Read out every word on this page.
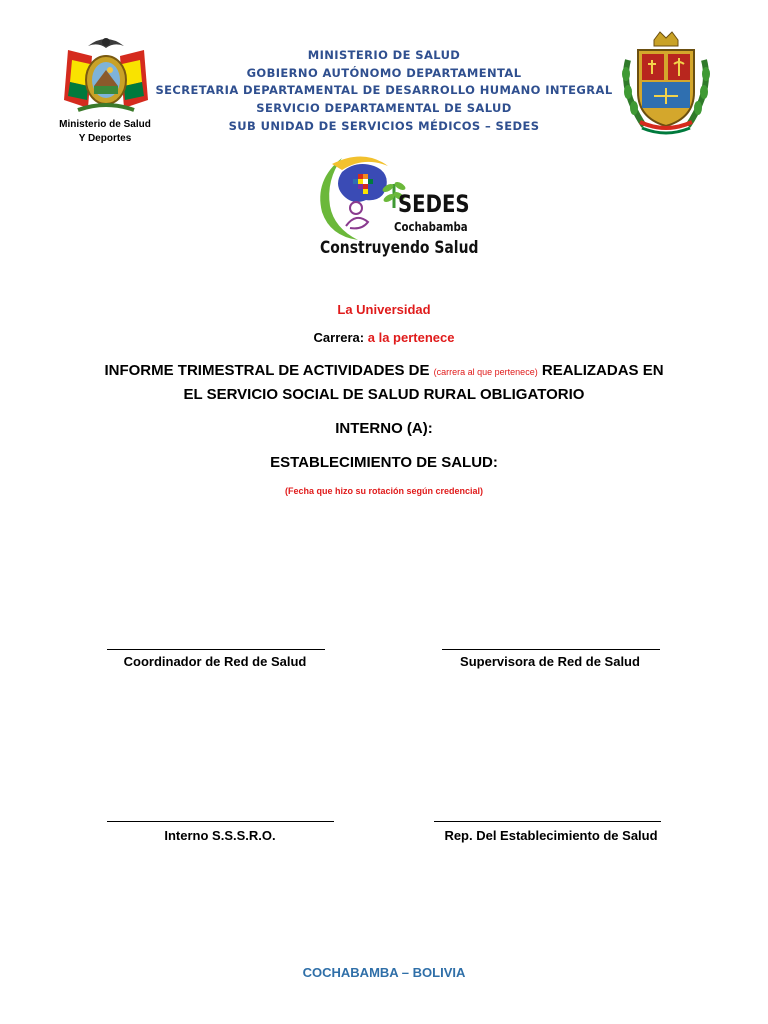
Ministerio de Salud
Y Deportes
MINISTERIO DE SALUD
GOBIERNO AUTÓNOMO DEPARTAMENTAL
SECRETARIA DEPARTAMENTAL DE DESARROLLO HUMANO INTEGRAL
SERVICIO DEPARTAMENTAL DE SALUD
SUB UNIDAD DE SERVICIOS MÉDICOS – SEDES
SEDES
Cochabamba
Construyendo Salud
La Universidad
Carrera: a la pertenece
INFORME TRIMESTRAL DE ACTIVIDADES DE (carrera al que pertenece) REALIZADAS EN
EL SERVICIO SOCIAL DE SALUD RURAL OBLIGATORIO
INTERNO (A):
ESTABLECIMIENTO DE SALUD:
(Fecha que hizo su rotación según credencial)
Coordinador de Red de Salud	Supervisora de Red de Salud
Interno S.S.S.R.O.	Rep. Del Establecimiento de Salud
COCHABAMBA – BOLIVIA
